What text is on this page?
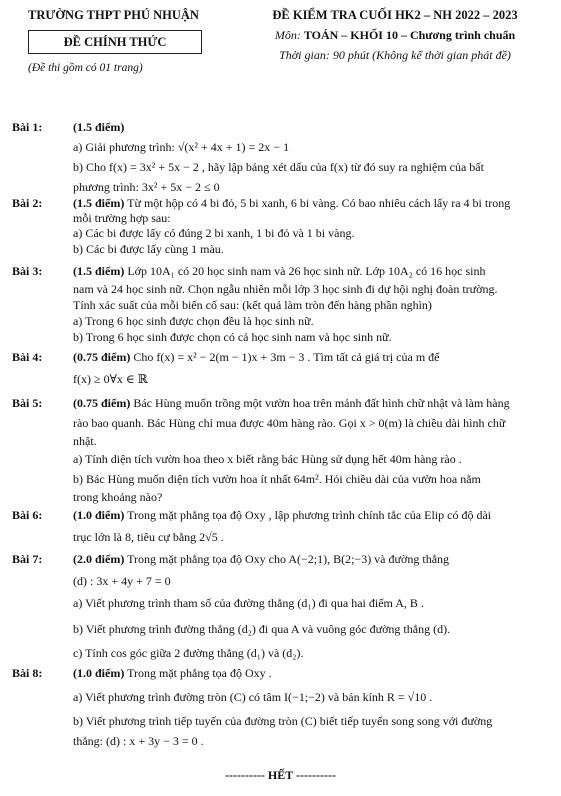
TRƯỜNG THPT PHÚ NHUẬN
ĐỀ CHÍNH THỨC
(Đề thi gồm có 01 trang)
ĐỀ KIỂM TRA CUỐI HK2 – NH 2022 – 2023
Môn: TOÁN – KHỐI 10 – Chương trình chuẩn
Thời gian: 90 phút (Không kể thời gian phát đề)
Bài 1:	(1.5 điểm)
a) Giải phương trình: √(x² + 4x + 1) = 2x − 1
b) Cho f(x) = 3x² + 5x − 2 , hãy lập bảng xét dấu của f(x) từ đó suy ra nghiệm của bất
phương trình: 3x² + 5x − 2 ≤ 0
Bài 2:	(1.5 điểm) Từ một hộp có 4 bi đỏ, 5 bi xanh, 6 bi vàng. Có bao nhiêu cách lấy ra 4 bi trong
mỗi trường hợp sau:
a) Các bi được lấy có đúng 2 bi xanh, 1 bi đỏ và 1 bi vàng.
b) Các bi được lấy cùng 1 màu.
Bài 3:	(1.5 điểm) Lớp 10A₁ có 20 học sinh nam và 26 học sinh nữ. Lớp 10A₂ có 16 học sinh
nam và 24 học sinh nữ. Chọn ngẫu nhiên mỗi lớp 3 học sinh đi dự hội nghị đoàn trường.
Tính xác suất của mỗi biến cố sau: (kết quả làm tròn đến hàng phần nghìn)
a) Trong 6 học sinh được chọn đều là học sinh nữ.
b) Trong 6 học sinh được chọn có cả học sinh nam và học sinh nữ.
Bài 4:	(0.75 điểm) Cho f(x) = x² − 2(m − 1)x + 3m − 3 . Tìm tất cả giá trị của m để
f(x) ≥ 0∀x ∈ ℝ
Bài 5:	(0.75 điểm) Bác Hùng muốn trồng một vườn hoa trên mảnh đất hình chữ nhật và làm hàng
rào bao quanh. Bác Hùng chỉ mua được 40m hàng rào. Gọi x > 0(m) là chiều dài hình chữ
nhật.
a) Tính diện tích vườn hoa theo x biết rằng bác Hùng sử dụng hết 40m hàng rào .
b) Bác Hùng muốn diện tích vườn hoa ít nhất 64m². Hỏi chiều dài của vườn hoa nằm
trong khoảng nào?
Bài 6:	(1.0 điểm) Trong mặt phẳng tọa độ Oxy , lập phương trình chính tắc của Elip có độ dài
trục lớn là 8, tiêu cự bằng 2√5 .
Bài 7:	(2.0 điểm) Trong mặt phẳng tọa độ Oxy cho A(−2;1), B(2;−3) và đường thẳng
(d) : 3x + 4y + 7 = 0
a) Viết phương trình tham số của đường thẳng (d₁) đi qua hai điểm A, B .
b) Viết phương trình đường thẳng (d₂) đi qua A và vuông góc đường thẳng (d).
c) Tính cos góc giữa 2 đường thẳng (d₁) và (d₂).
Bài 8:	(1.0 điểm) Trong mặt phẳng tọa độ Oxy .
a) Viết phương trình đường tròn (C) có tâm I(−1;−2) và bán kính R = √10 .
b) Viết phương trình tiếp tuyến của đường tròn (C) biết tiếp tuyến song song với đường
thẳng: (d) : x + 3y − 3 = 0 .
---------- HẾT ----------
